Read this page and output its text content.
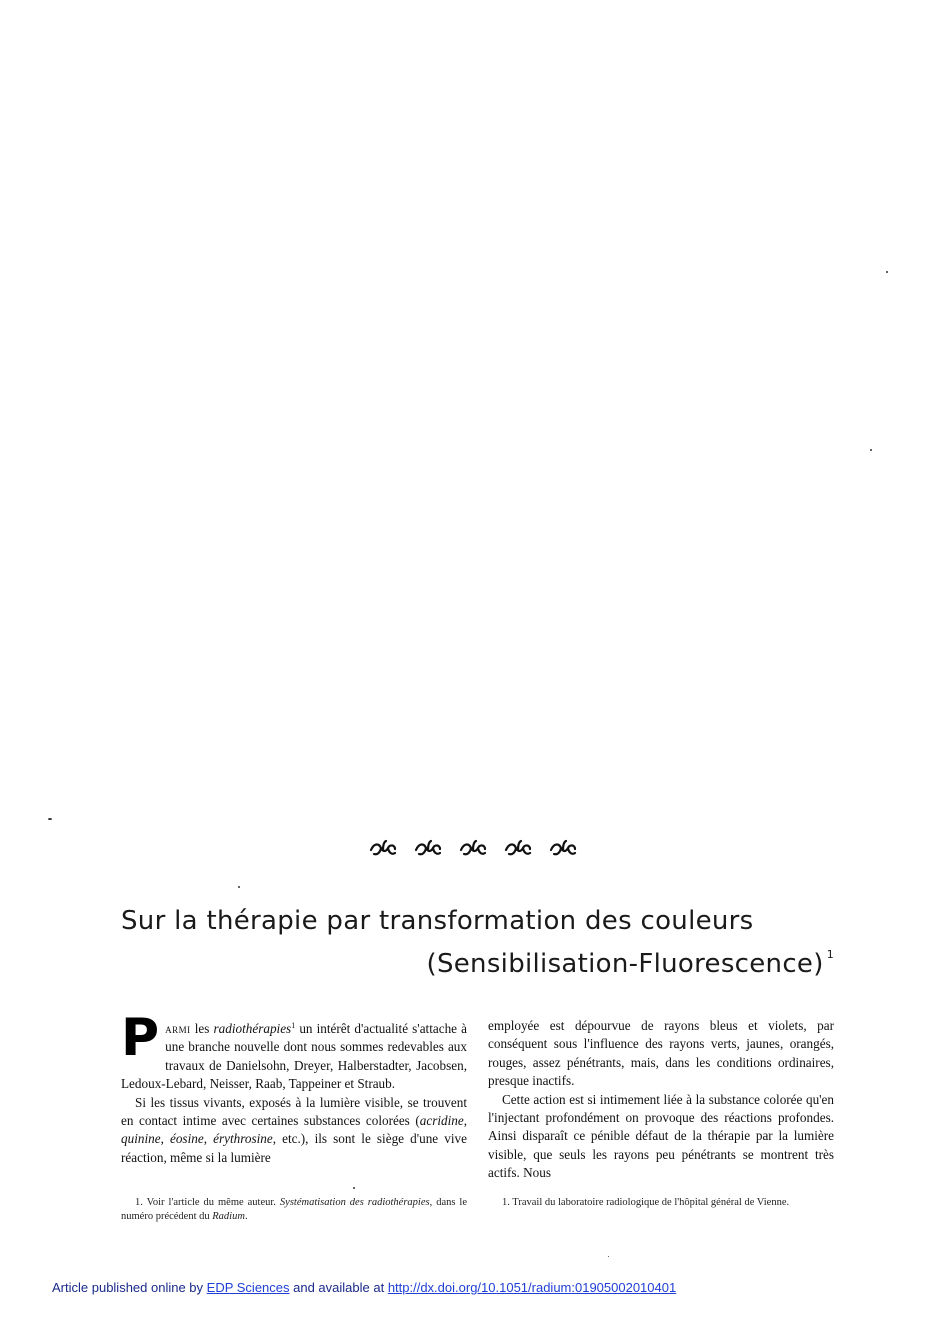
Sur la thérapie par transformation des couleurs
(Sensibilisation-Fluorescence) $^1$

Parmi les radiothérapies$^1$ un intérêt d'actualité s'attache à une branche nouvelle dont nous sommes redevables aux travaux de Danielsohn, Dreyer, Halberstadter, Jacobsen, Ledoux-Lebard, Neisser, Raab, Tappeiner et Straub.

Si les tissus vivants, exposés à la lumière visible, se trouvent en contact intime avec certaines substances colorées (acridine, quinine, éosine, érythrosine, etc.), ils sont le siège d'une vive réaction, même si la lumière

employée est dépourvue de rayons bleus et violets, par conséquent sous l'influence des rayons verts, jaunes, orangés, rouges, assez pénétrants, mais, dans les conditions ordinaires, presque inactifs.

Cette action est si intimement liée à la substance colorée qu'en l'injectant profondément on provoque des réactions profondes. Ainsi disparaît ce pénible défaut de la thérapie par la lumière visible, que seuls les rayons peu pénétrants se montrent très actifs. Nous

1. Voir l'article du même auteur. Systématisation des radiothérapies, dans le numéro précédent du Radium.

1. Travail du laboratoire radiologique de l'hôpital général de Vienne.

Article published online by EDP Sciences and available at http://dx.doi.org/10.1051/radium:01905002010401
